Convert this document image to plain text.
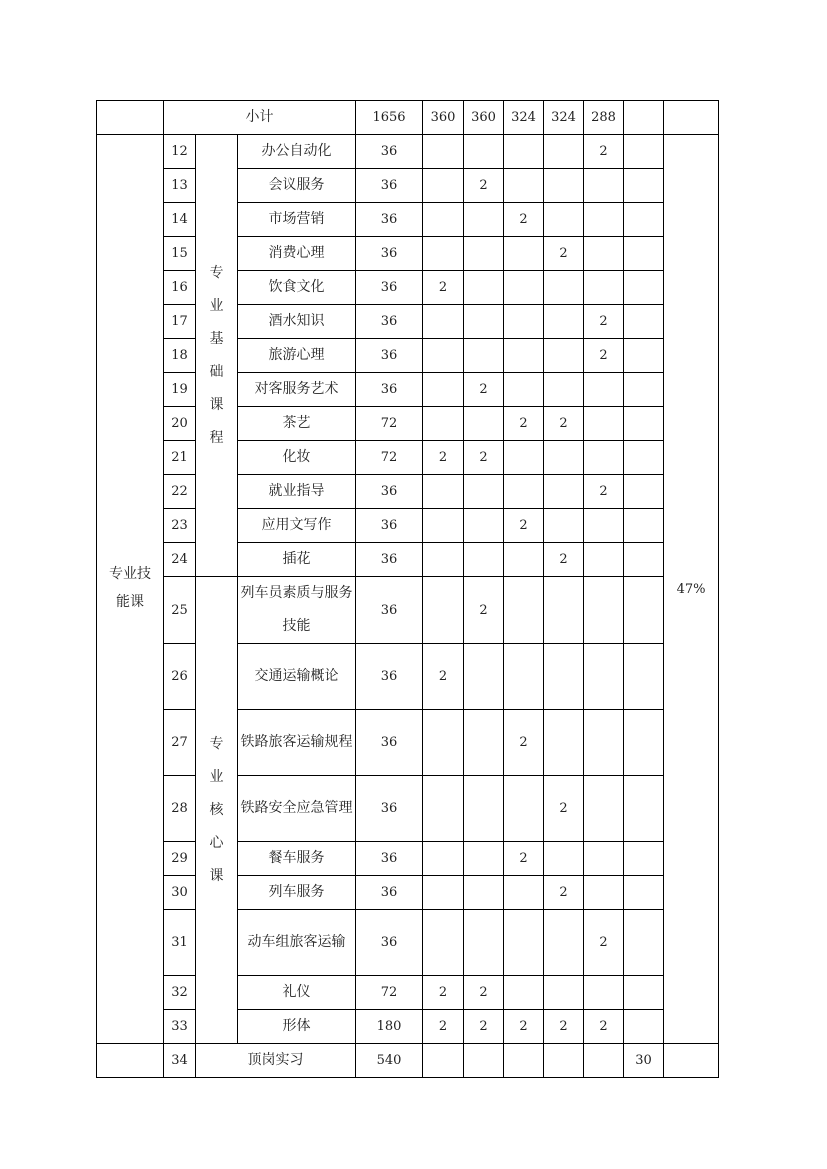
	小计			1656	360	360	324	324	288		
专业技能课	12	专业基础课程	办公自动化	36					2		47%
	13		会议服务	36		2					
	14		市场营销	36			2				
	15		消费心理	36				2			
	16		饮食文化	36	2						
	17		酒水知识	36					2		
	18		旅游心理	36					2		
	19		对客服务艺术	36		2					
	20		茶艺	72			2	2			
	21		化妆	72	2	2					
	22		就业指导	36					2		
	23		应用文写作	36			2				
	24		插花	36				2			
	25	专业核心课	列车员素质与服务技能	36		2					
	26		交通运输概论	36	2						
	27		铁路旅客运输规程	36			2				
	28		铁路安全应急管理	36				2			
	29		餐车服务	36			2				
	30		列车服务	36				2			
	31		动车组旅客运输	36					2		
	32		礼仪	72	2	2					
	33		形体	180	2	2	2	2	2		
	34	顶岗实习		540						30	
